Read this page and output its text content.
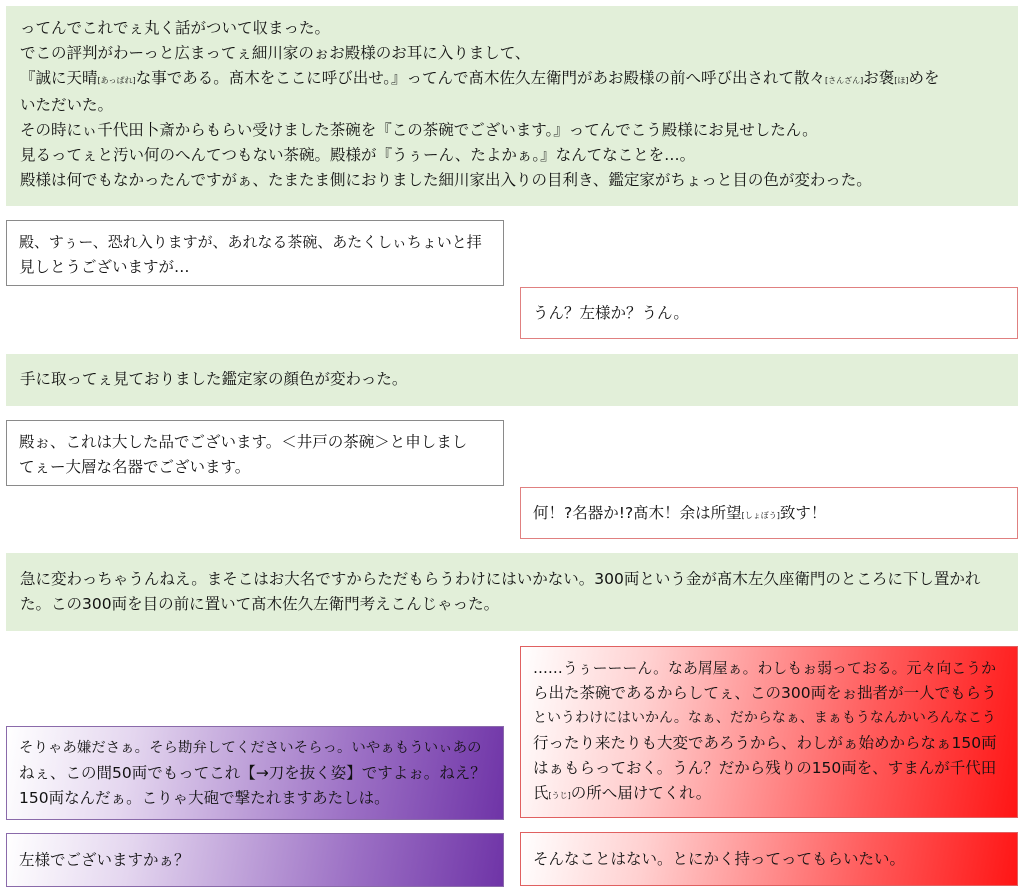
ってんでこれでぇ丸く話がついて収まった。
でこの評判がわーっと広まってぇ細川家のぉお殿様のお耳に入りまして、
『誠に天晴[あっぱれ]な事である。髙木をここに呼び出せ。』ってんで髙木佐久左衛門があお殿様の前へ呼び出されて散々[さんざん]お褒[ほ]めを
いただいた。
その時にぃ千代田卜斎からもらい受けました茶碗を『この茶碗でございます。』ってんでこう殿様にお見せしたん。
見るってぇと汚い何のへんてつもない茶碗。殿様が『うぅーん、たよかぁ。』なんてなことを…。
殿様は何でもなかったんですがぁ、たまたま側におりました細川家出入りの目利き、鑑定家がちょっと目の色が変わった。
殿、すぅー、恐れ入りますが、あれなる茶碗、あたくしぃちょいと拝
見しとうございますが…
うん？左様か？うん。
手に取ってぇ見ておりました鑑定家の顔色が変わった。
殿ぉ、これは大した品でございます。＜井戸の茶碗＞と申しまし
てぇー大層な名器でございます。
何！?名器か!?髙木！余は所望[しょぼう]致す！
急に変わっちゃうんねえ。まそこはお大名ですからただもらうわけにはいかない。300両という金が髙木左久座衛門のところに下し置かれ
た。この300両を目の前に置いて髙木佐久左衛門考えこんじゃった。
……うぅーーーん。なあ屑屋ぁ。わしもぉ弱っておる。元々向こうか
ら出た茶碗であるからしてぇ、この300両をぉ拙者が一人でもらう
というわけにはいかん。なぁ、だからなぁ、まぁもうなんかいろんなこう
行ったり来たりも大変であろうから、わしがぁ始めからなぁ150両
はぁもらっておく。うん？だから残りの150両を、すまんが千代田
氏[うじ]の所へ届けてくれ。
そりゃあ嫌ださぁ。そら勘弁してくださいそらっ。いやぁもういぃあの
ねぇ、この間50両でもってこれ【→刀を抜く姿】ですよぉ。ねえ？
150両なんだぁ。こりゃ大砲で撃たれますあたしは。
そんなことはない。とにかく持ってってもらいたい。
左様でございますかぁ？
